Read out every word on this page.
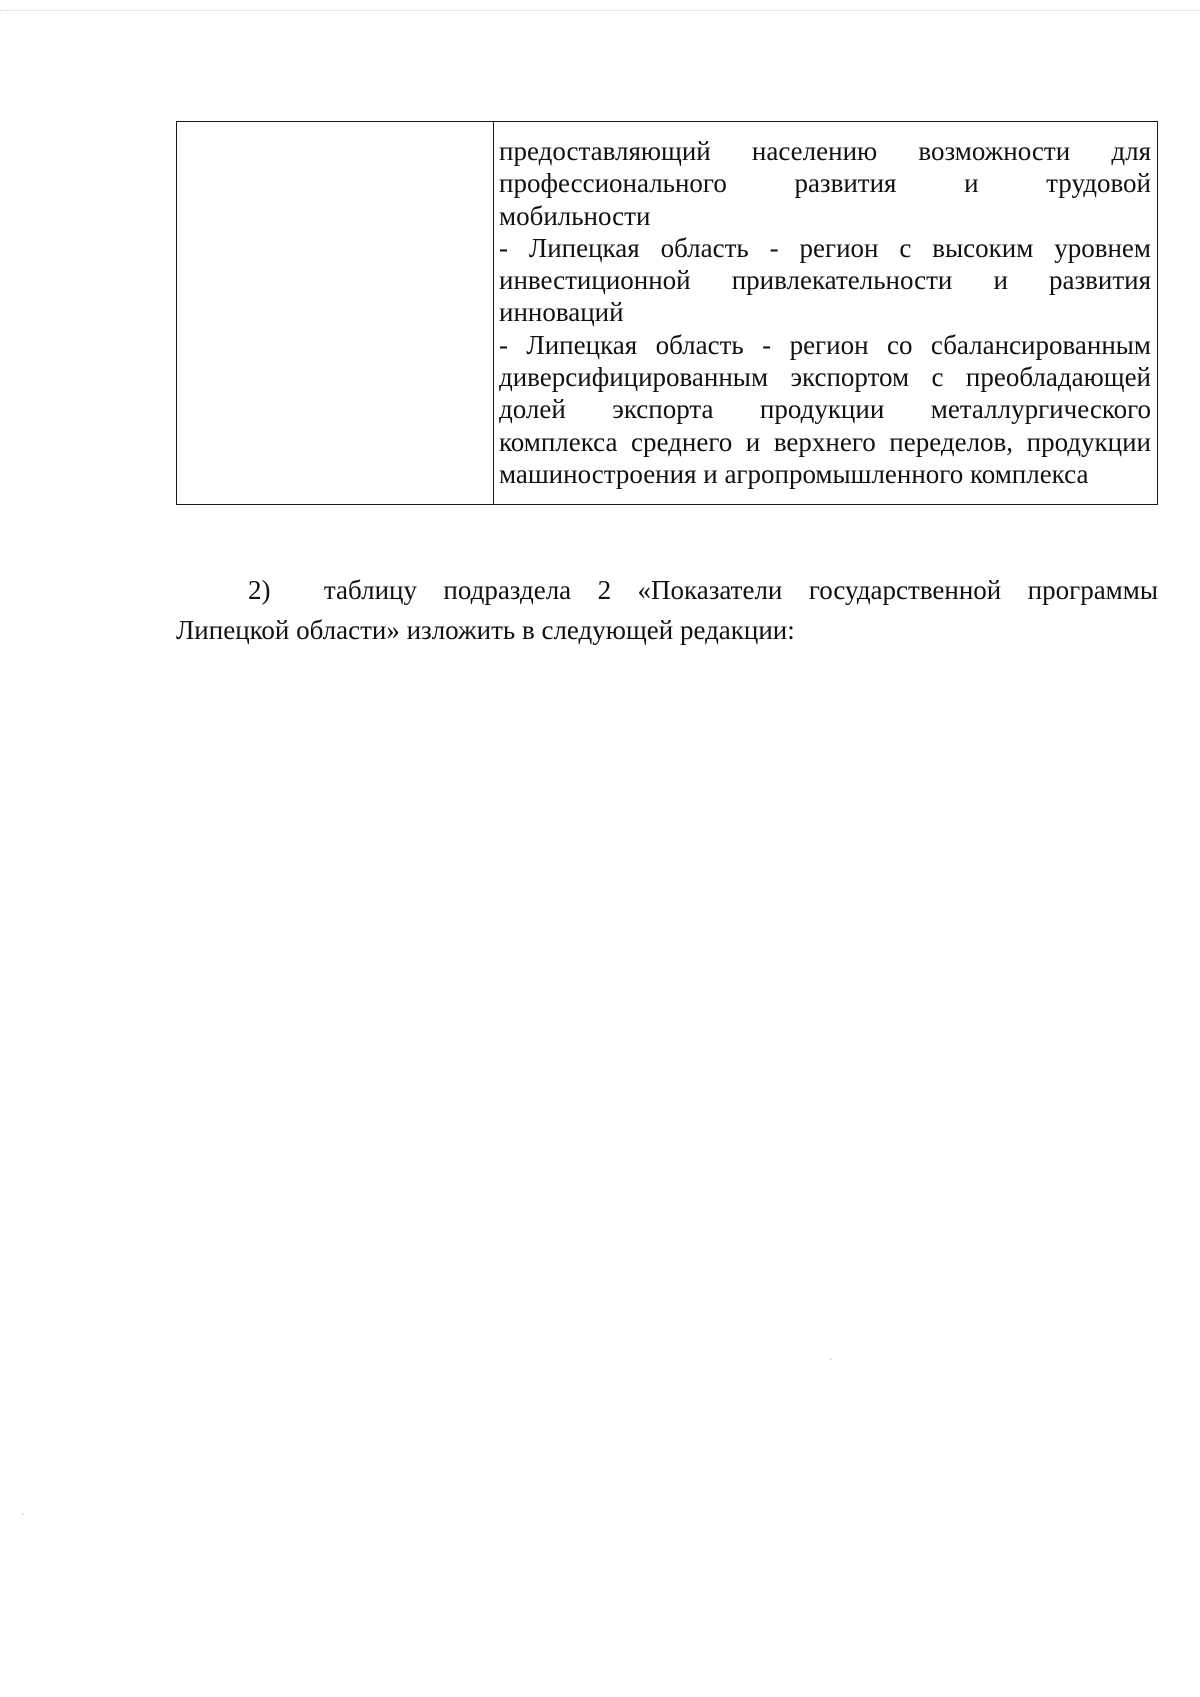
предоставляющий населению возможности для
профессионального развития и трудовой
мобильности
- Липецкая область - регион с высоким уровнем
инвестиционной привлекательности и развития
инноваций
- Липецкая область - регион со сбалансированным
диверсифицированным экспортом с преобладающей
долей экспорта продукции металлургического
комплекса среднего и верхнего переделов, продукции
машиностроения и агропромышленного комплекса
2)  таблицу подраздела 2 «Показатели государственной программы
Липецкой области» изложить в следующей редакции:
